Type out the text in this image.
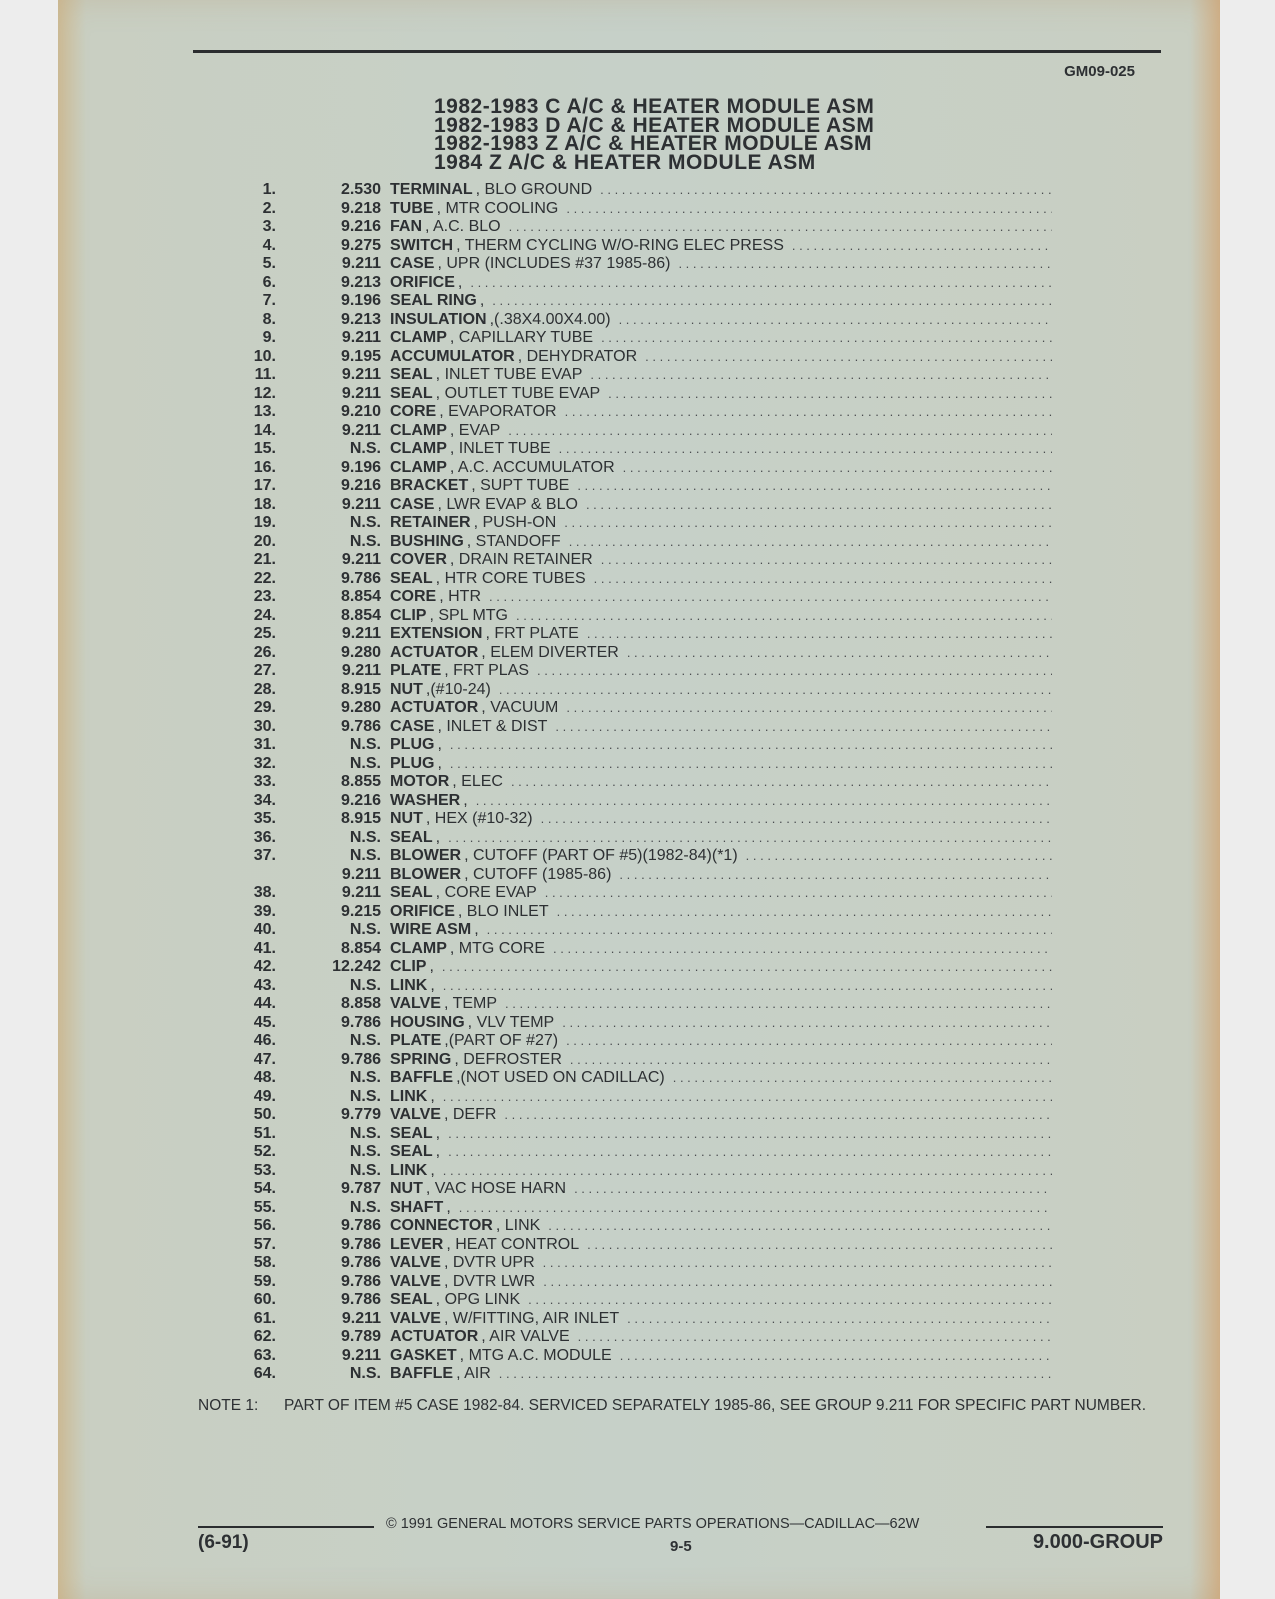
GM09-025
1982-1983 C A/C & HEATER MODULE ASM
1982-1983 D A/C & HEATER MODULE ASM
1982-1983 Z A/C & HEATER MODULE ASM
1984 Z A/C & HEATER MODULE ASM
1.	2.530 TERMINAL , BLO GROUND
. . .
2.	9.218 TUBE , MTR COOLING
. . .
3.	9.216 FAN , A.C. BLO
. . .
4.	9.275 SWITCH , THERM CYCLING W/O-RING ELEC PRESS
. . .
5.	9.211 CASE , UPR (INCLUDES #37 1985-86)
. . .
6.	9.213 ORIFICE ,
. . .
7.	9.196 SEAL RING ,
. . .
8.	9.213 INSULATION ,(.38X4.00X4.00)
. . .
9.	9.211 CLAMP , CAPILLARY TUBE
. . .
10.	9.195 ACCUMULATOR , DEHYDRATOR
. . .
11.	9.211 SEAL , INLET TUBE EVAP
. . .
12.	9.211 SEAL , OUTLET TUBE EVAP
. . .
13.	9.210 CORE , EVAPORATOR
. . .
14.	9.211 CLAMP , EVAP
. . .
15.	N.S. CLAMP , INLET TUBE
. . .
16.	9.196 CLAMP , A.C. ACCUMULATOR
. . .
17.	9.216 BRACKET , SUPT TUBE
. . .
18.	9.211 CASE , LWR EVAP & BLO
. . .
19.	N.S. RETAINER , PUSH-ON
. . .
20.	N.S. BUSHING , STANDOFF
. . .
21.	9.211 COVER , DRAIN RETAINER
. . .
22.	9.786 SEAL , HTR CORE TUBES
. . .
23.	8.854 CORE , HTR
. . .
24.	8.854 CLIP , SPL MTG
. . .
25.	9.211 EXTENSION , FRT PLATE
. . .
26.	9.280 ACTUATOR , ELEM DIVERTER
. . .
27.	9.211 PLATE , FRT PLAS
. . .
28.	8.915 NUT ,(#10-24)
. . .
29.	9.280 ACTUATOR , VACUUM
. . .
30.	9.786 CASE , INLET & DIST
. . .
31.	N.S. PLUG ,
. . .
32.	N.S. PLUG ,
. . .
33.	8.855 MOTOR , ELEC
. . .
34.	9.216 WASHER ,
. . .
35.	8.915 NUT , HEX (#10-32)
. . .
36.	N.S. SEAL ,
. . .
37.	N.S. BLOWER , CUTOFF (PART OF #5)(1982-84)(*1)
. . .
9.211 BLOWER , CUTOFF (1985-86)
. . .
38.	9.211 SEAL , CORE EVAP
. . .
39.	9.215 ORIFICE , BLO INLET
. . .
40.	N.S. WIRE ASM ,
. . .
41.	8.854 CLAMP , MTG CORE
. . .
42.	12.242 CLIP ,
. . .
43.	N.S. LINK ,
. . .
44.	8.858 VALVE , TEMP
. . .
45.	9.786 HOUSING , VLV TEMP
. . .
46.	N.S. PLATE ,(PART OF #27)
. . .
47.	9.786 SPRING , DEFROSTER
. . .
48.	N.S. BAFFLE ,(NOT USED ON CADILLAC)
. . .
49.	N.S. LINK ,
. . .
50.	9.779 VALVE , DEFR
. . .
51.	N.S. SEAL ,
. . .
52.	N.S. SEAL ,
. . .
53.	N.S. LINK ,
. . .
54.	9.787 NUT , VAC HOSE HARN
. . .
55.	N.S. SHAFT ,
. . .
56.	9.786 CONNECTOR , LINK
. . .
57.	9.786 LEVER , HEAT CONTROL
. . .
58.	9.786 VALVE , DVTR UPR
. . .
59.	9.786 VALVE , DVTR LWR
. . .
60.	9.786 SEAL , OPG LINK
. . .
61.	9.211 VALVE , W/FITTING, AIR INLET
. . .
62.	9.789 ACTUATOR , AIR VALVE
. . .
63.	9.211 GASKET , MTG A.C. MODULE
. . .
64.	N.S. BAFFLE , AIR
. . .
NOTE 1:	PART OF ITEM #5 CASE 1982-84. SERVICED SEPARATELY 1985-86, SEE GROUP 9.211 FOR SPECIFIC PART NUMBER.
© 1991 GENERAL MOTORS SERVICE PARTS OPERATIONS—CADILLAC—62W
(6-91)	9-5	9.000-GROUP
